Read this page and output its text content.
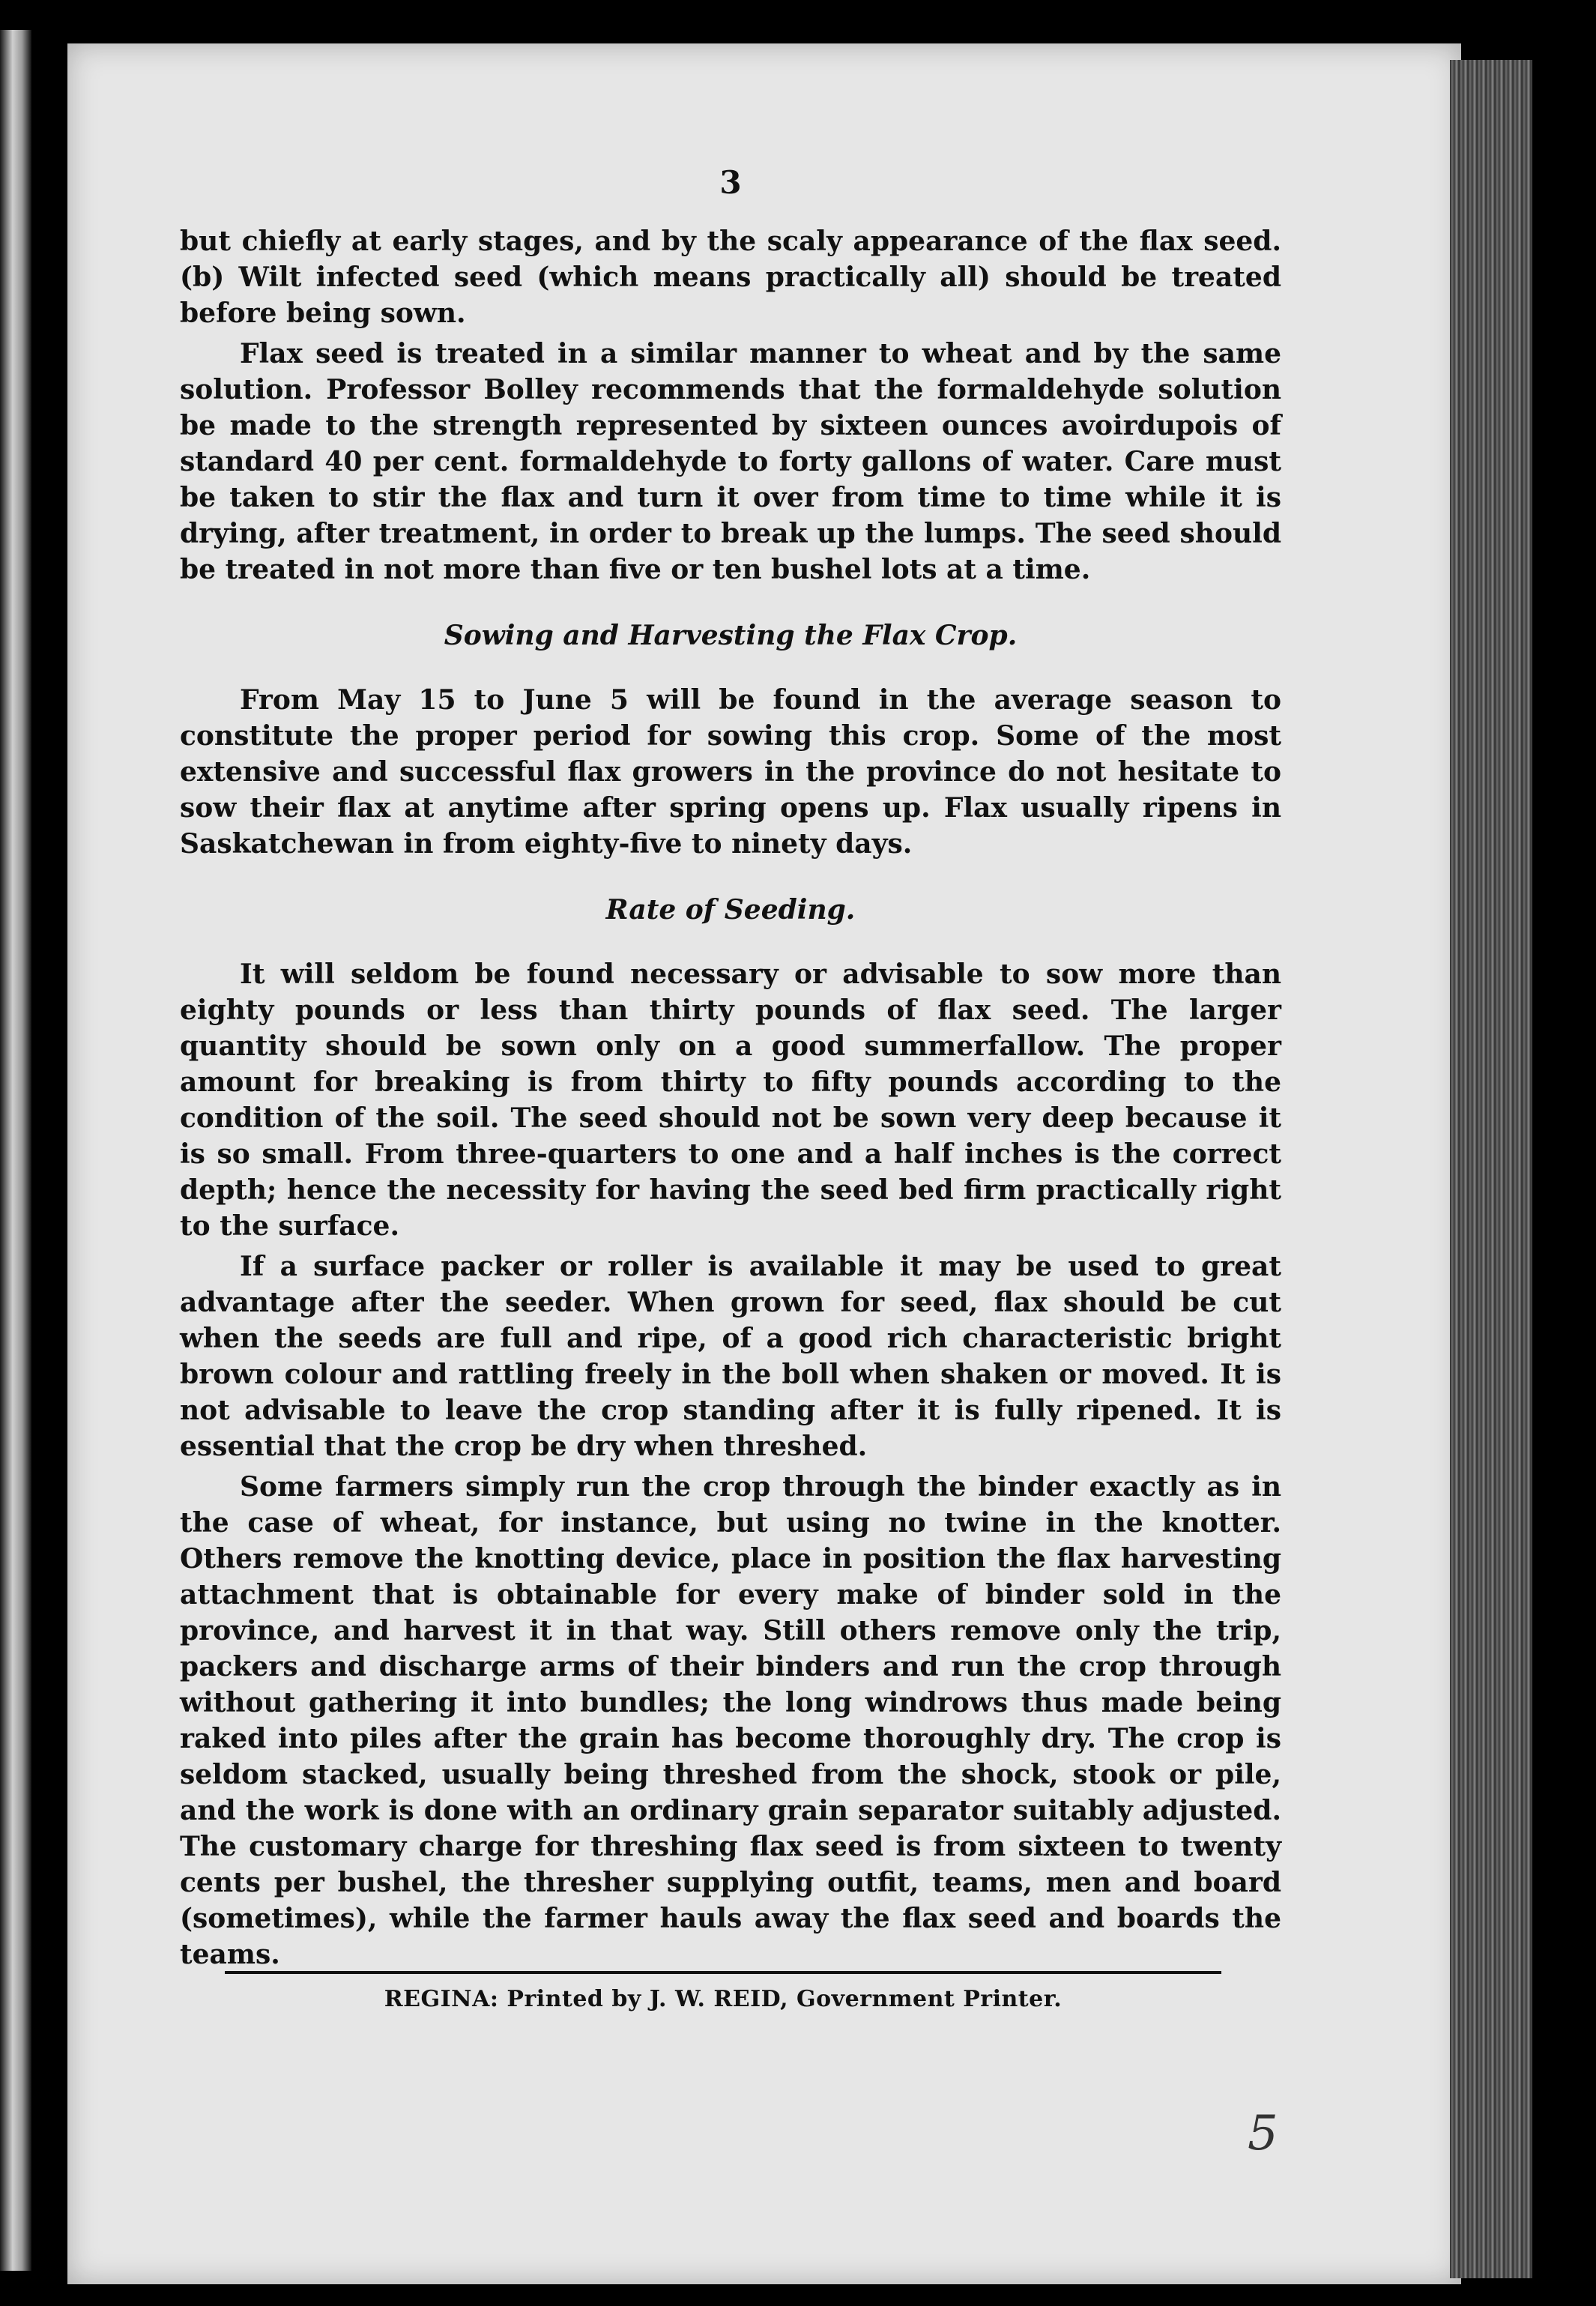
3

but chiefly at early stages, and by the scaly appearance of the flax seed. (b) Wilt infected seed (which means practically all) should be treated before being sown.

Flax seed is treated in a similar manner to wheat and by the same solution. Professor Bolley recommends that the formaldehyde solution be made to the strength represented by sixteen ounces avoirdupois of standard 40 per cent. formaldehyde to forty gallons of water. Care must be taken to stir the flax and turn it over from time to time while it is drying, after treatment, in order to break up the lumps. The seed should be treated in not more than five or ten bushel lots at a time.

Sowing and Harvesting the Flax Crop.

From May 15 to June 5 will be found in the average season to constitute the proper period for sowing this crop. Some of the most extensive and successful flax growers in the province do not hesitate to sow their flax at anytime after spring opens up. Flax usually ripens in Saskatchewan in from eighty-five to ninety days.

Rate of Seeding.

It will seldom be found necessary or advisable to sow more than eighty pounds or less than thirty pounds of flax seed. The larger quantity should be sown only on a good summerfallow. The proper amount for breaking is from thirty to fifty pounds according to the condition of the soil. The seed should not be sown very deep because it is so small. From three-quarters to one and a half inches is the correct depth; hence the necessity for having the seed bed firm practically right to the surface.

If a surface packer or roller is available it may be used to great advantage after the seeder. When grown for seed, flax should be cut when the seeds are full and ripe, of a good rich characteristic bright brown colour and rattling freely in the boll when shaken or moved. It is not advisable to leave the crop standing after it is fully ripened. It is essential that the crop be dry when threshed.

Some farmers simply run the crop through the binder exactly as in the case of wheat, for instance, but using no twine in the knotter. Others remove the knotting device, place in position the flax harvesting attachment that is obtainable for every make of binder sold in the province, and harvest it in that way. Still others remove only the trip, packers and discharge arms of their binders and run the crop through without gathering it into bundles; the long windrows thus made being raked into piles after the grain has become thoroughly dry. The crop is seldom stacked, usually being threshed from the shock, stook or pile, and the work is done with an ordinary grain separator suitably adjusted. The customary charge for threshing flax seed is from sixteen to twenty cents per bushel, the thresher supplying outfit, teams, men and board (sometimes), while the farmer hauls away the flax seed and boards the teams.

REGINA: Printed by J. W. REID, Government Printer.
5
